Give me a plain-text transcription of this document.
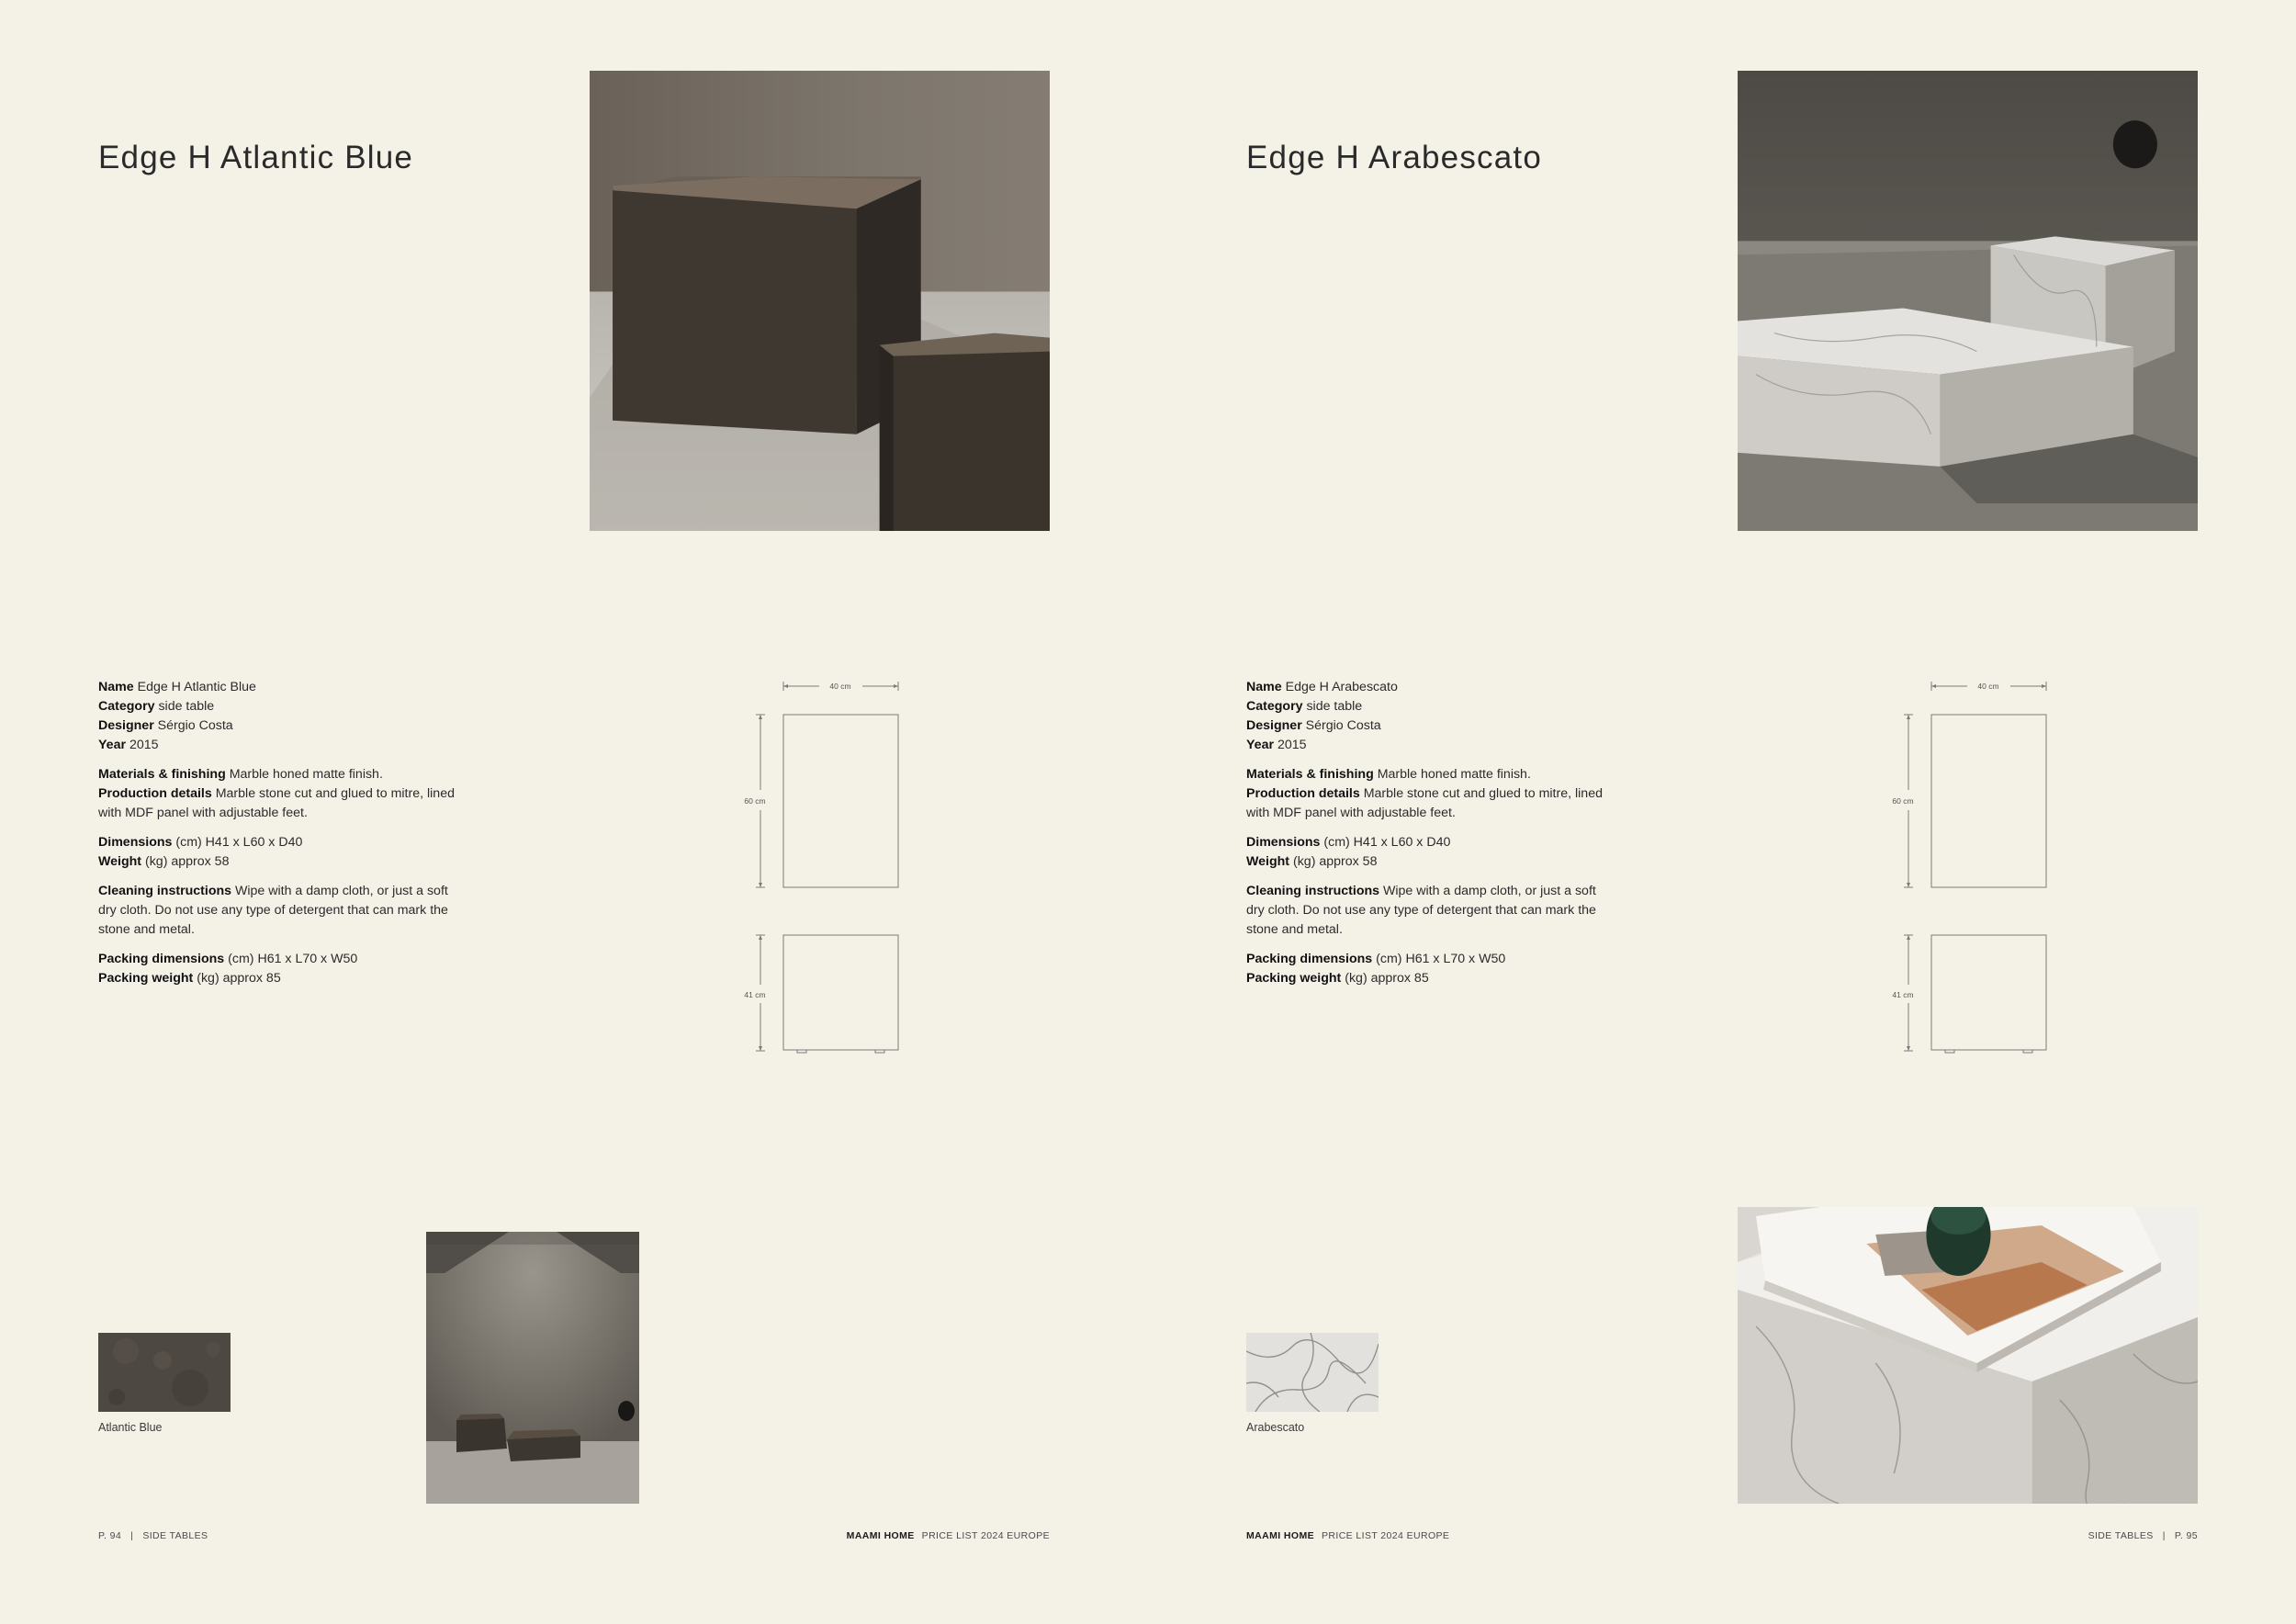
Edge H Atlantic Blue

Name Edge H Atlantic Blue
Category side table
Designer Sérgio Costa
Year 2015

Materials & finishing Marble honed matte finish.
Production details Marble stone cut and glued to mitre, lined with MDF panel with adjustable feet.

Dimensions (cm) H41 x L60 x D40
Weight (kg) approx 58

Cleaning instructions Wipe with a damp cloth, or just a soft dry cloth. Do not use any type of detergent that can mark the stone and metal.

Packing dimensions (cm) H61 x L70 x W50
Packing weight (kg) approx 85

40 cm
60 cm
41 cm
Atlantic Blue
P. 94 | SIDE TABLES	MAAMI HOME PRICE LIST 2024 EUROPE
Edge H Arabescato

Name Edge H Arabescato
Category side table
Designer Sérgio Costa
Year 2015

Materials & finishing Marble honed matte finish.
Production details Marble stone cut and glued to mitre, lined with MDF panel with adjustable feet.

Dimensions (cm) H41 x L60 x D40
Weight (kg) approx 58

Cleaning instructions Wipe with a damp cloth, or just a soft dry cloth. Do not use any type of detergent that can mark the stone and metal.

Packing dimensions (cm) H61 x L70 x W50
Packing weight (kg) approx 85

40 cm
60 cm
41 cm
Arabescato
MAAMI HOME PRICE LIST 2024 EUROPE	SIDE TABLES | P. 95
